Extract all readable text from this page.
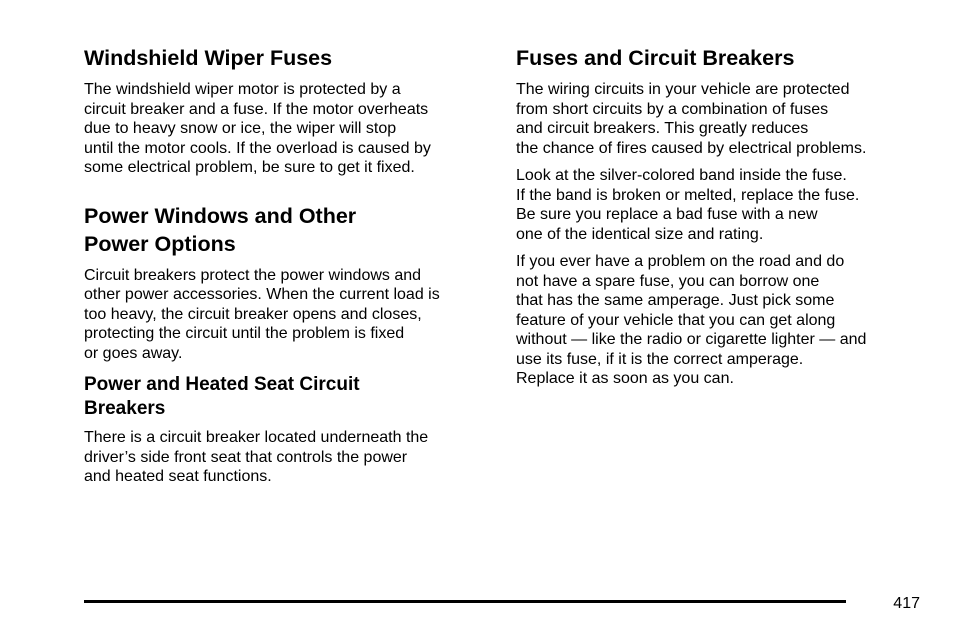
Windshield Wiper Fuses

The windshield wiper motor is protected by a
circuit breaker and a fuse. If the motor overheats
due to heavy snow or ice, the wiper will stop
until the motor cools. If the overload is caused by
some electrical problem, be sure to get it fixed.

Power Windows and Other
Power Options

Circuit breakers protect the power windows and
other power accessories. When the current load is
too heavy, the circuit breaker opens and closes,
protecting the circuit until the problem is fixed
or goes away.

Power and Heated Seat Circuit
Breakers

There is a circuit breaker located underneath the
driver’s side front seat that controls the power
and heated seat functions.

Fuses and Circuit Breakers

The wiring circuits in your vehicle are protected
from short circuits by a combination of fuses
and circuit breakers. This greatly reduces
the chance of fires caused by electrical problems.

Look at the silver-colored band inside the fuse.
If the band is broken or melted, replace the fuse.
Be sure you replace a bad fuse with a new
one of the identical size and rating.

If you ever have a problem on the road and do
not have a spare fuse, you can borrow one
that has the same amperage. Just pick some
feature of your vehicle that you can get along
without — like the radio or cigarette lighter — and
use its fuse, if it is the correct amperage.
Replace it as soon as you can.

417
